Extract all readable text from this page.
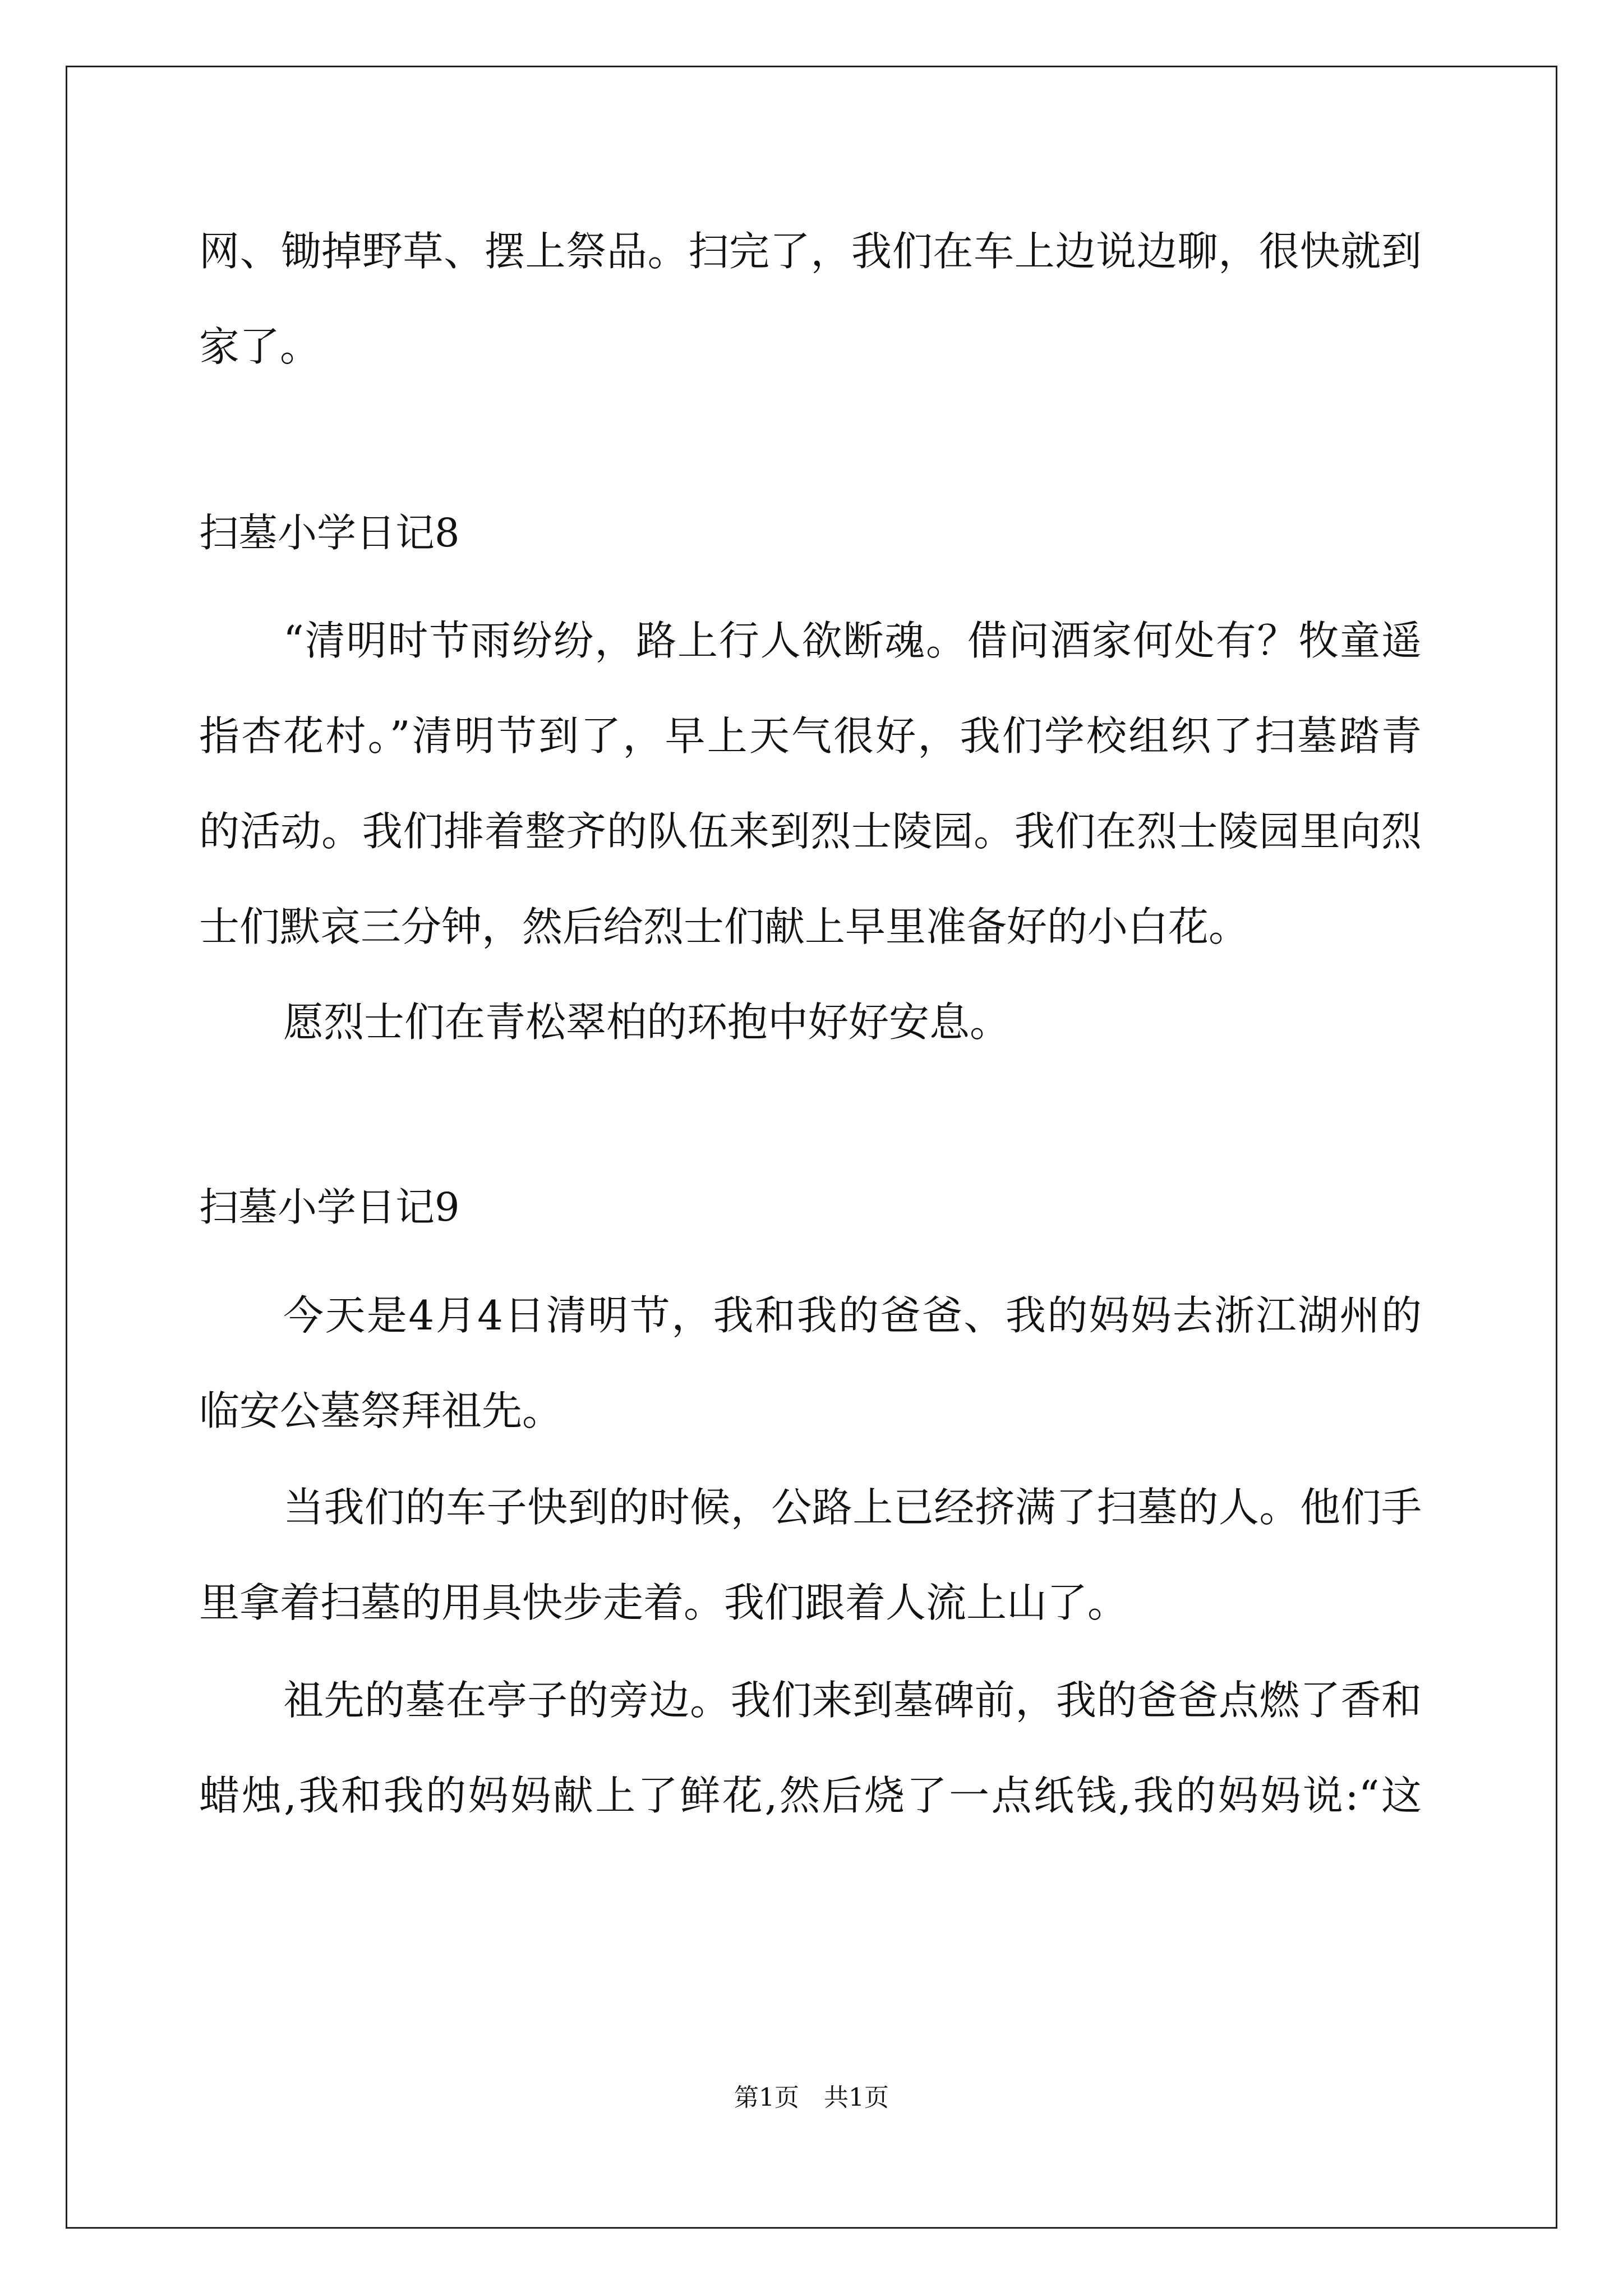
网、锄掉野草、摆上祭品。扫完了，我们在车上边说边聊，很快就到
家了。
扫墓小学日记8
“清明时节雨纷纷，路上行人欲断魂。借问酒家何处有？牧童遥
指杏花村。”清明节到了，早上天气很好，我们学校组织了扫墓踏青
的活动。我们排着整齐的队伍来到烈士陵园。我们在烈士陵园里向烈
士们默哀三分钟，然后给烈士们献上早里准备好的小白花。
愿烈士们在青松翠柏的环抱中好好安息。
扫墓小学日记9
今天是4月4日清明节，我和我的爸爸、我的妈妈去浙江湖州的
临安公墓祭拜祖先。
当我们的车子快到的时候，公路上已经挤满了扫墓的人。他们手
里拿着扫墓的用具快步走着。我们跟着人流上山了。
祖先的墓在亭子的旁边。我们来到墓碑前，我的爸爸点燃了香和
蜡烛,我和我的妈妈献上了鲜花,然后烧了一点纸钱,我的妈妈说:“这
第1页 共1页
